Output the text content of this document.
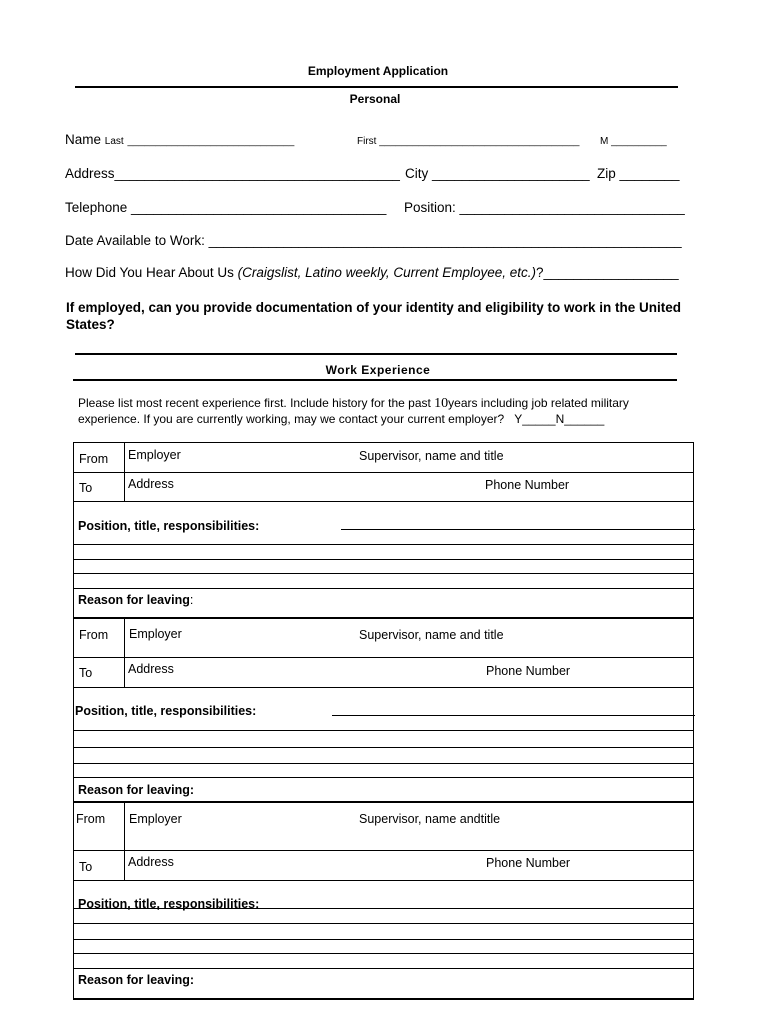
Employment Application
Personal
Name Last ______________________________	First ____________________________________ M __________
Address______________________________________ City _____________________ Zip ________
Telephone __________________________________ Position: ______________________________
Date Available to Work: _______________________________________________________________
How Did You Hear About Us (Craigslist, Latino weekly, Current Employee, etc.)?__________________
If employed, can you provide documentation of your identity and eligibility to work in the United States?
Work Experience
Please list most recent experience first. Include history for the past 10years including job related military experience. If you are currently working, may we contact your current employer? Y_____N______
From Employer	Supervisor, name and title
To	Address	Phone Number
Position, title, responsibilities:
Reason for leaving:
From Employer	Supervisor, name and title
To	Address	Phone Number
Position, title, responsibilities:
Reason for leaving:
From Employer	Supervisor, name andtitle
To	Address	Phone Number
Position, title, responsibilities:
Reason for leaving:
